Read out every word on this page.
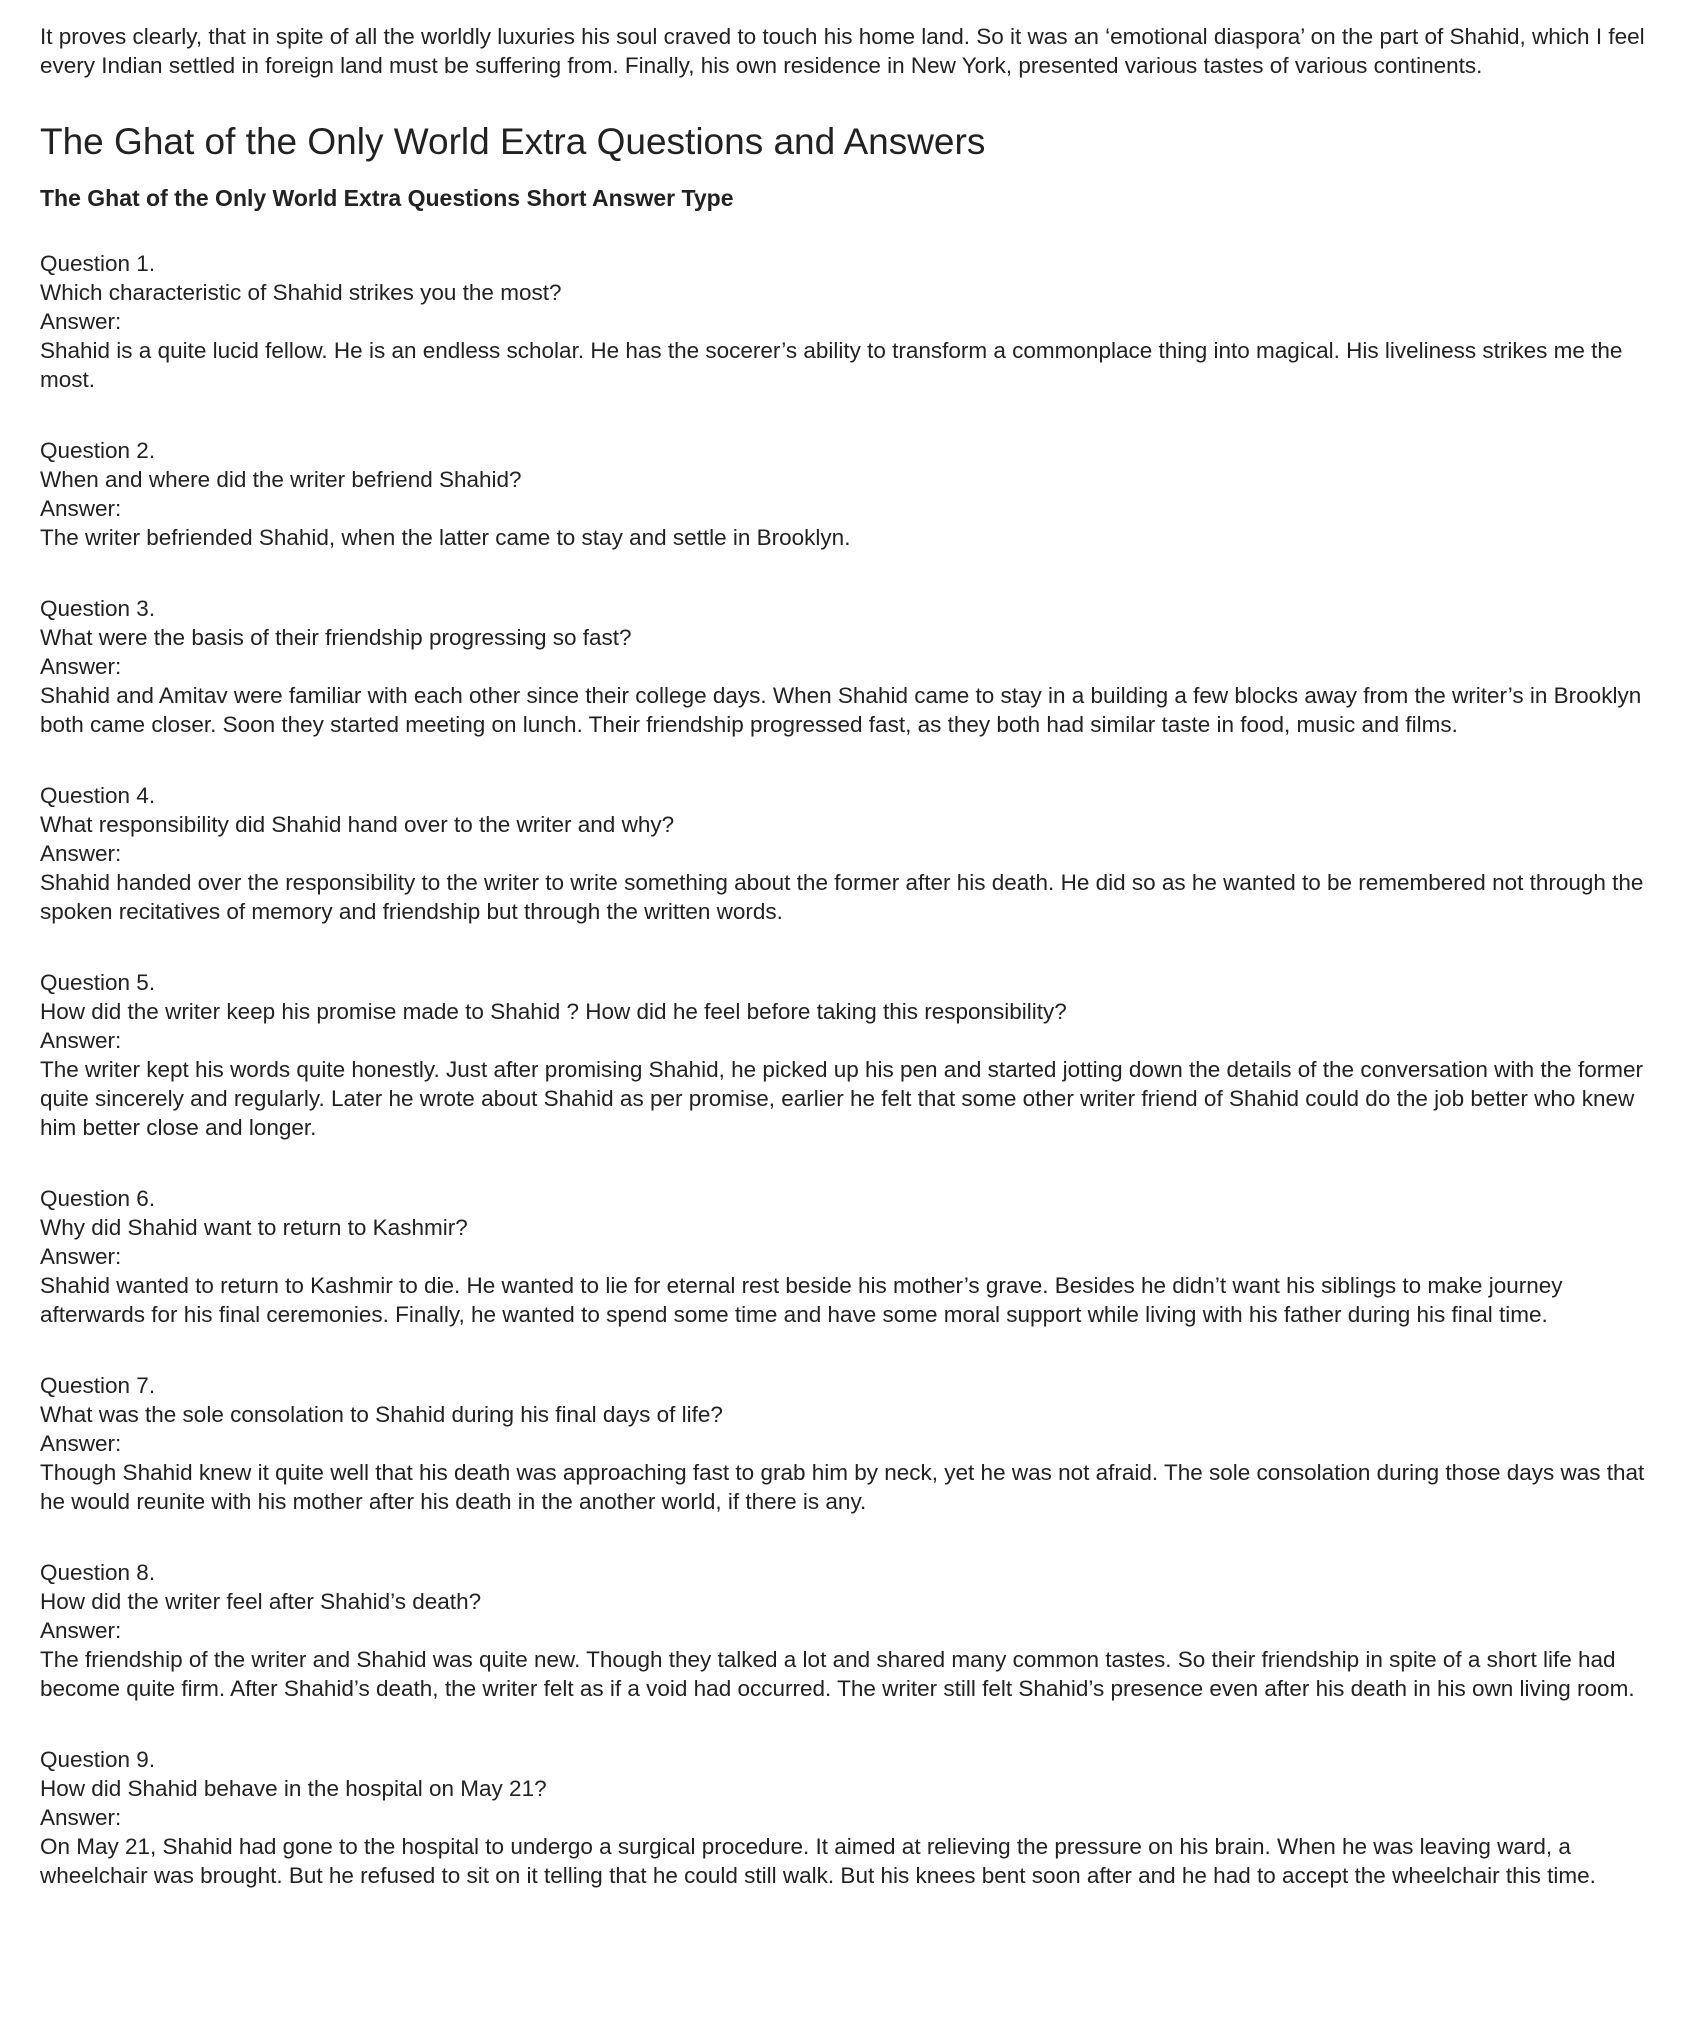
It proves clearly, that in spite of all the worldly luxuries his soul craved to touch his home land. So it was an ‘emotional diaspora’ on the part of Shahid, which I feel every Indian settled in foreign land must be suffering from. Finally, his own residence in New York, presented various tastes of various continents.

The Ghat of the Only World Extra Questions and Answers
The Ghat of the Only World Extra Questions Short Answer Type
Question 1.
Which characteristic of Shahid strikes you the most?
Answer:
Shahid is a quite lucid fellow. He is an endless scholar. He has the socerer’s ability to transform a commonplace thing into magical. His liveliness strikes me the most.
Question 2.
When and where did the writer befriend Shahid?
Answer:
The writer befriended Shahid, when the latter came to stay and settle in Brooklyn.
Question 3.
What were the basis of their friendship progressing so fast?
Answer:
Shahid and Amitav were familiar with each other since their college days. When Shahid came to stay in a building a few blocks away from the writer’s in Brooklyn both came closer. Soon they started meeting on lunch. Their friendship progressed fast, as they both had similar taste in food, music and films.
Question 4.
What responsibility did Shahid hand over to the writer and why?
Answer:
Shahid handed over the responsibility to the writer to write something about the former after his death. He did so as he wanted to be remembered not through the spoken recitatives of memory and friendship but through the written words.
Question 5.
How did the writer keep his promise made to Shahid ? How did he feel before taking this responsibility?
Answer:
The writer kept his words quite honestly. Just after promising Shahid, he picked up his pen and started jotting down the details of the conversation with the former quite sincerely and regularly. Later he wrote about Shahid as per promise, earlier he felt that some other writer friend of Shahid could do the job better who knew him better close and longer.
Question 6.
Why did Shahid want to return to Kashmir?
Answer:
Shahid wanted to return to Kashmir to die. He wanted to lie for eternal rest beside his mother’s grave. Besides he didn’t want his siblings to make journey afterwards for his final ceremonies. Finally, he wanted to spend some time and have some moral support while living with his father during his final time.
Question 7.
What was the sole consolation to Shahid during his final days of life?
Answer:
Though Shahid knew it quite well that his death was approaching fast to grab him by neck, yet he was not afraid. The sole consolation during those days was that he would reunite with his mother after his death in the another world, if there is any.
Question 8.
How did the writer feel after Shahid’s death?
Answer:
The friendship of the writer and Shahid was quite new. Though they talked a lot and shared many common tastes. So their friendship in spite of a short life had become quite firm. After Shahid’s death, the writer felt as if a void had occurred. The writer still felt Shahid’s presence even after his death in his own living room.
Question 9.
How did Shahid behave in the hospital on May 21?
Answer:
On May 21, Shahid had gone to the hospital to undergo a surgical procedure. It aimed at relieving the pressure on his brain. When he was leaving ward, a wheelchair was brought. But he refused to sit on it telling that he could still walk. But his knees bent soon after and he had to accept the wheelchair this time.
